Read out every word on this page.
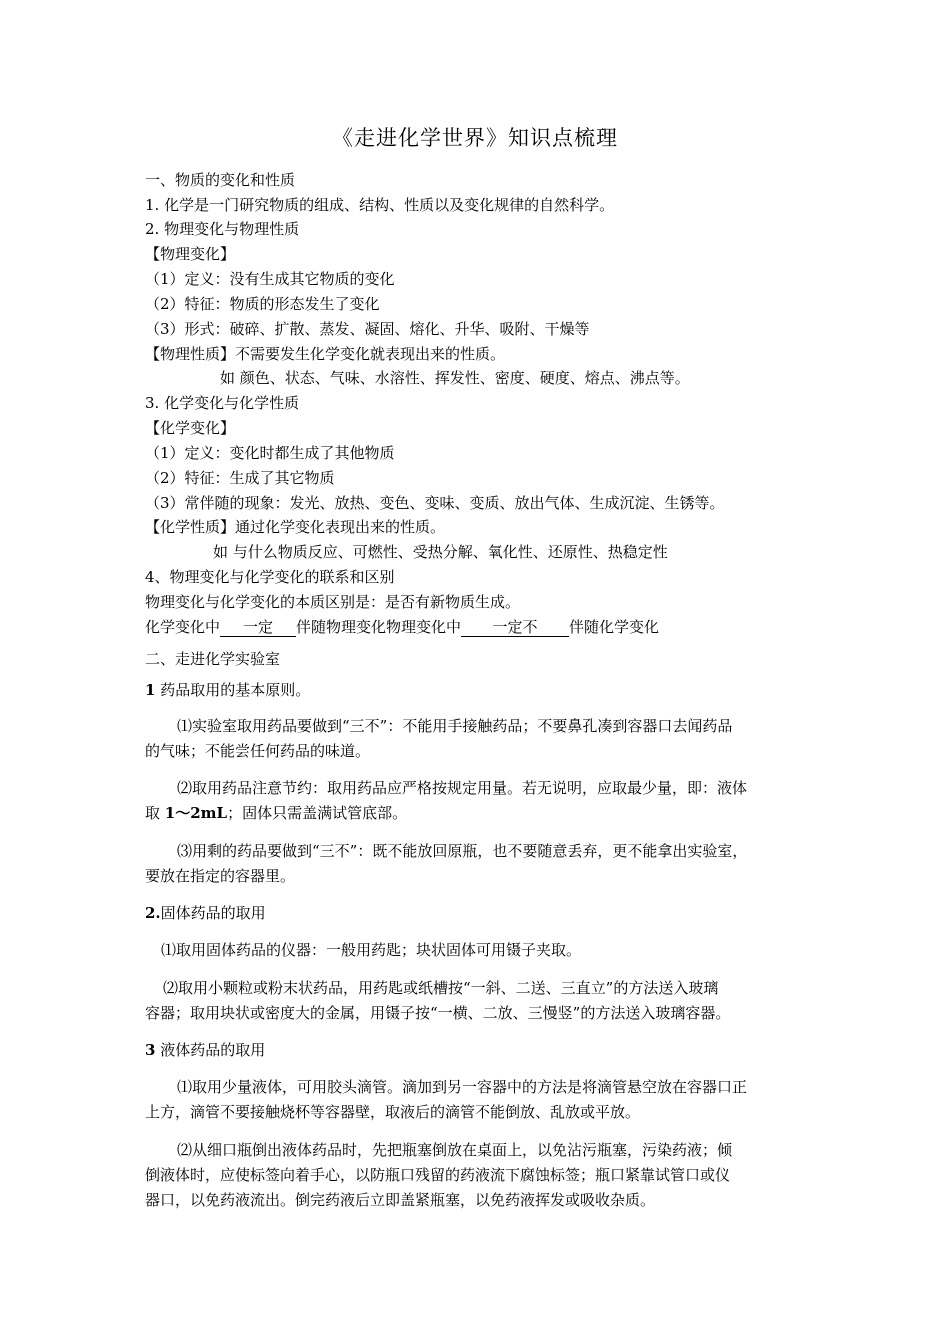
《走进化学世界》知识点梳理
一、物质的变化和性质
1. 化学是一门研究物质的组成、结构、性质以及变化规律的自然科学。
2. 物理变化与物理性质
【物理变化】
（1）定义：没有生成其它物质的变化
（2）特征：物质的形态发生了变化
（3）形式：破碎、扩散、蒸发、凝固、熔化、升华、吸附、干燥等
【物理性质】不需要发生化学变化就表现出来的性质。
如 颜色、状态、气味、水溶性、挥发性、密度、硬度、熔点、沸点等。
3. 化学变化与化学性质
【化学变化】
（1）定义：变化时都生成了其他物质
（2）特征：生成了其它物质
（3）常伴随的现象：发光、放热、变色、变味、变质、放出气体、生成沉淀、生锈等。
【化学性质】通过化学变化表现出来的性质。
如 与什么物质反应、可燃性、受热分解、氧化性、还原性、热稳定性
4、物理变化与化学变化的联系和区别
物理变化与化学变化的本质区别是：是否有新物质生成。
化学变化中 一定 伴随物理变化物理变化中 一定不 伴随化学变化
二、走进化学实验室
1 药品取用的基本原则。
⑴实验室取用药品要做到“三不”：不能用手接触药品；不要鼻孔凑到容器口去闻药品
的气味；不能尝任何药品的味道。
⑵取用药品注意节约：取用药品应严格按规定用量。若无说明，应取最少量，即：液体
取 1～2mL；固体只需盖满试管底部。
⑶用剩的药品要做到“三不”：既不能放回原瓶，也不要随意丢弃，更不能拿出实验室，
要放在指定的容器里。
2.固体药品的取用
⑴取用固体药品的仪器：一般用药匙；块状固体可用镊子夹取。
⑵取用小颗粒或粉末状药品，用药匙或纸槽按“一斜、二送、三直立”的方法送入玻璃
容器；取用块状或密度大的金属，用镊子按“一横、二放、三慢竖”的方法送入玻璃容器。
3 液体药品的取用
⑴取用少量液体，可用胶头滴管。滴加到另一容器中的方法是将滴管悬空放在容器口正
上方，滴管不要接触烧杯等容器壁，取液后的滴管不能倒放、乱放或平放。
⑵从细口瓶倒出液体药品时，先把瓶塞倒放在桌面上，以免沾污瓶塞，污染药液；倾
倒液体时，应使标签向着手心，以防瓶口残留的药液流下腐蚀标签；瓶口紧靠试管口或仪
器口，以免药液流出。倒完药液后立即盖紧瓶塞，以免药液挥发或吸收杂质。
